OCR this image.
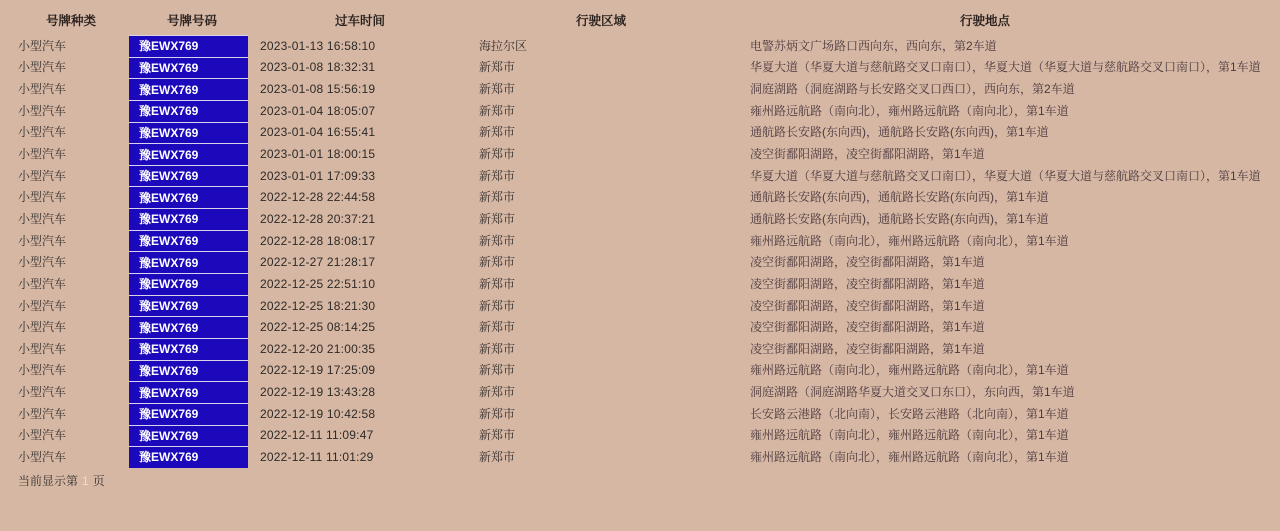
号牌种类	号牌号码	过车时间	行驶区域	行驶地点
小型汽车	豫EWX769	2023-01-13 16:58:10	海拉尔区	电警苏炳文广场路口西向东，西向东，第2车道
小型汽车	豫EWX769	2023-01-08 18:32:31	新郑市	华夏大道（华夏大道与慈航路交叉口南口），华夏大道（华夏大道与慈航路交叉口南口），第1车道
小型汽车	豫EWX769	2023-01-08 15:56:19	新郑市	洞庭湖路（洞庭湖路与长安路交叉口西口），西向东，第2车道
小型汽车	豫EWX769	2023-01-04 18:05:07	新郑市	雍州路远航路（南向北），雍州路远航路（南向北），第1车道
小型汽车	豫EWX769	2023-01-04 16:55:41	新郑市	通航路长安路(东向西)，通航路长安路(东向西)，第1车道
小型汽车	豫EWX769	2023-01-01 18:00:15	新郑市	凌空街鄱阳湖路，凌空街鄱阳湖路，第1车道
小型汽车	豫EWX769	2023-01-01 17:09:33	新郑市	华夏大道（华夏大道与慈航路交叉口南口），华夏大道（华夏大道与慈航路交叉口南口），第1车道
小型汽车	豫EWX769	2022-12-28 22:44:58	新郑市	通航路长安路(东向西)，通航路长安路(东向西)，第1车道
小型汽车	豫EWX769	2022-12-28 20:37:21	新郑市	通航路长安路(东向西)，通航路长安路(东向西)，第1车道
小型汽车	豫EWX769	2022-12-28 18:08:17	新郑市	雍州路远航路（南向北），雍州路远航路（南向北），第1车道
小型汽车	豫EWX769	2022-12-27 21:28:17	新郑市	凌空街鄱阳湖路，凌空街鄱阳湖路，第1车道
小型汽车	豫EWX769	2022-12-25 22:51:10	新郑市	凌空街鄱阳湖路，凌空街鄱阳湖路，第1车道
小型汽车	豫EWX769	2022-12-25 18:21:30	新郑市	凌空街鄱阳湖路，凌空街鄱阳湖路，第1车道
小型汽车	豫EWX769	2022-12-25 08:14:25	新郑市	凌空街鄱阳湖路，凌空街鄱阳湖路，第1车道
小型汽车	豫EWX769	2022-12-20 21:00:35	新郑市	凌空街鄱阳湖路，凌空街鄱阳湖路，第1车道
小型汽车	豫EWX769	2022-12-19 17:25:09	新郑市	雍州路远航路（南向北），雍州路远航路（南向北），第1车道
小型汽车	豫EWX769	2022-12-19 13:43:28	新郑市	洞庭湖路（洞庭湖路华夏大道交叉口东口），东向西，第1车道
小型汽车	豫EWX769	2022-12-19 10:42:58	新郑市	长安路云港路（北向南），长安路云港路（北向南），第1车道
小型汽车	豫EWX769	2022-12-11 11:09:47	新郑市	雍州路远航路（南向北），雍州路远航路（南向北），第1车道
小型汽车	豫EWX769	2022-12-11 11:01:29	新郑市	雍州路远航路（南向北），雍州路远航路（南向北），第1车道
当前显示第 1 页
